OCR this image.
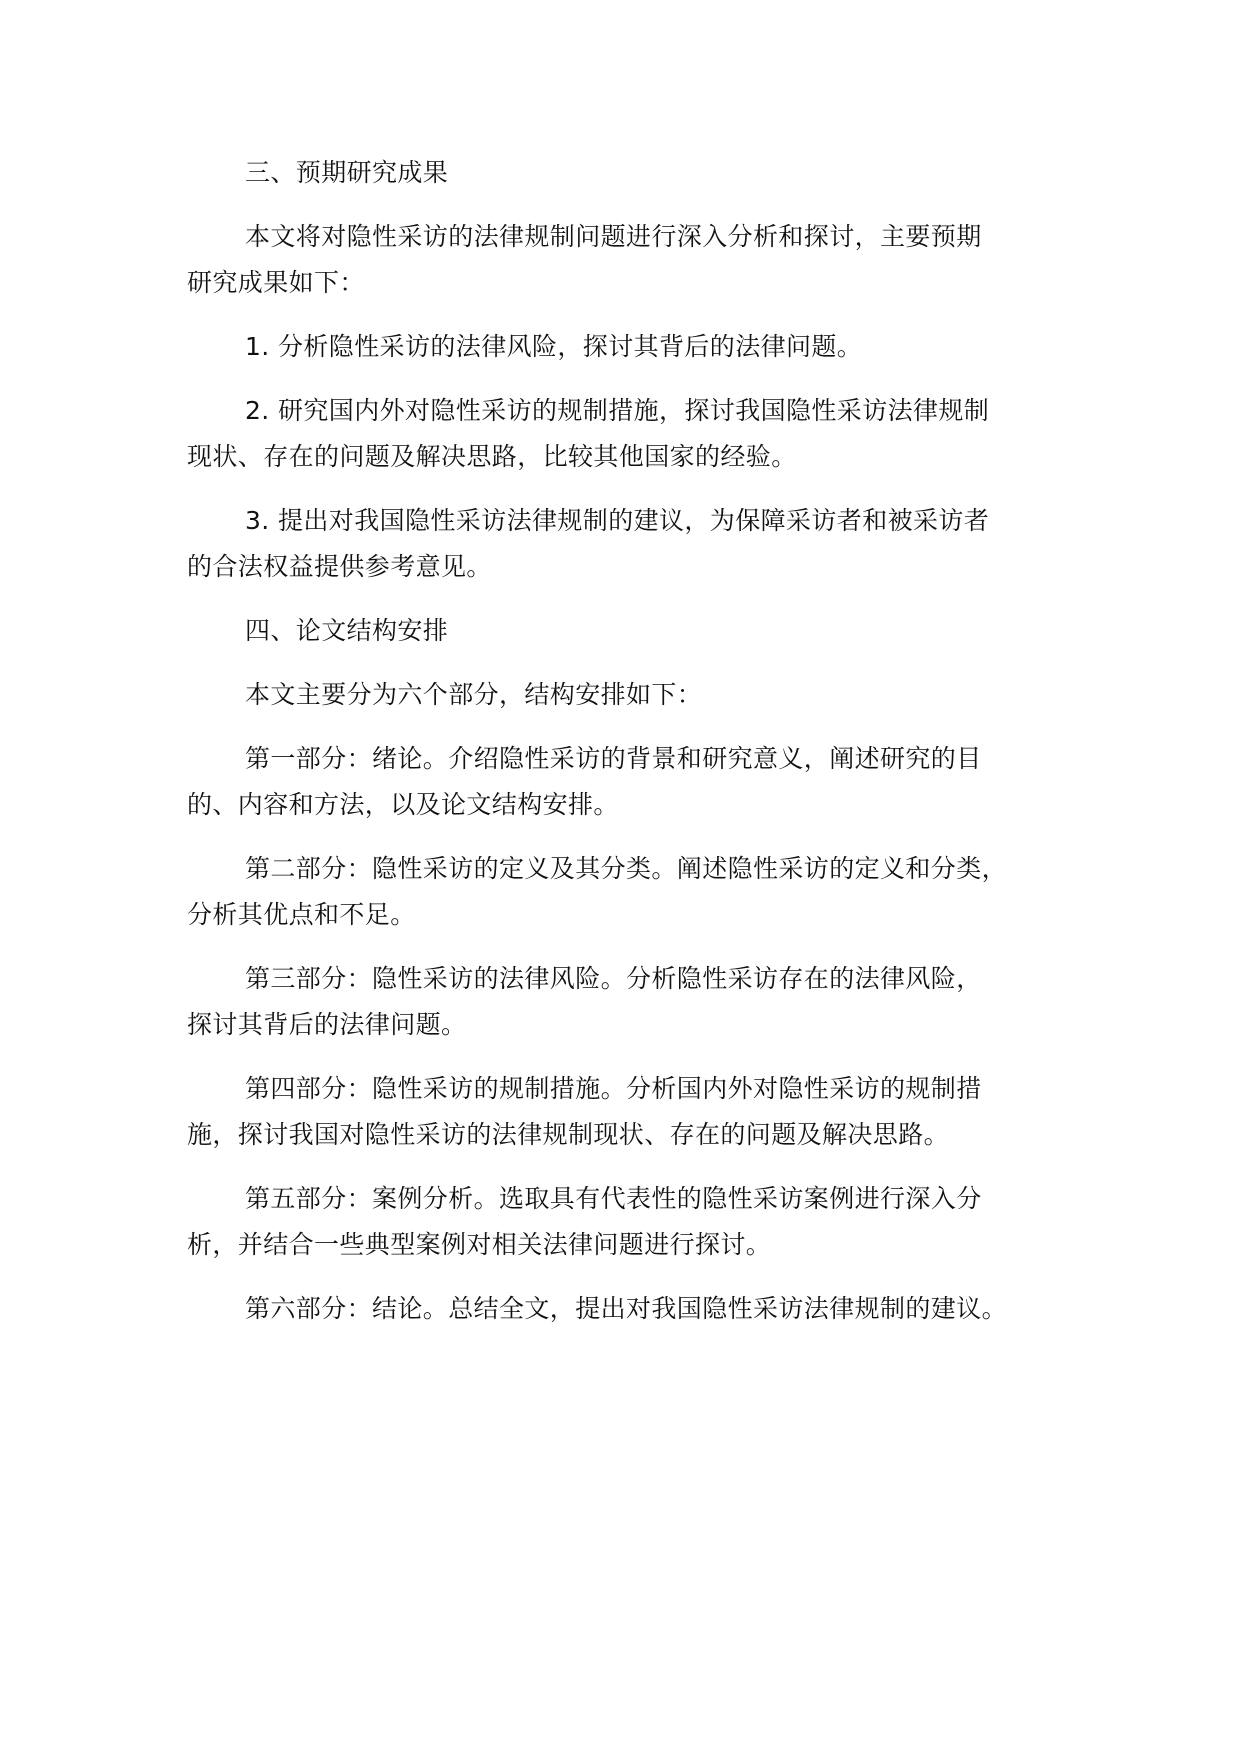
三、预期研究成果

本文将对隐性采访的法律规制问题进行深入分析和探讨，主要预期
研究成果如下：

1. 分析隐性采访的法律风险，探讨其背后的法律问题。

2. 研究国内外对隐性采访的规制措施，探讨我国隐性采访法律规制
现状、存在的问题及解决思路，比较其他国家的经验。

3. 提出对我国隐性采访法律规制的建议，为保障采访者和被采访者
的合法权益提供参考意见。

四、论文结构安排

本文主要分为六个部分，结构安排如下：

第一部分：绪论。介绍隐性采访的背景和研究意义，阐述研究的目
的、内容和方法，以及论文结构安排。

第二部分：隐性采访的定义及其分类。阐述隐性采访的定义和分类，
分析其优点和不足。

第三部分：隐性采访的法律风险。分析隐性采访存在的法律风险，
探讨其背后的法律问题。

第四部分：隐性采访的规制措施。分析国内外对隐性采访的规制措
施，探讨我国对隐性采访的法律规制现状、存在的问题及解决思路。

第五部分：案例分析。选取具有代表性的隐性采访案例进行深入分
析，并结合一些典型案例对相关法律问题进行探讨。

第六部分：结论。总结全文，提出对我国隐性采访法律规制的建议。
